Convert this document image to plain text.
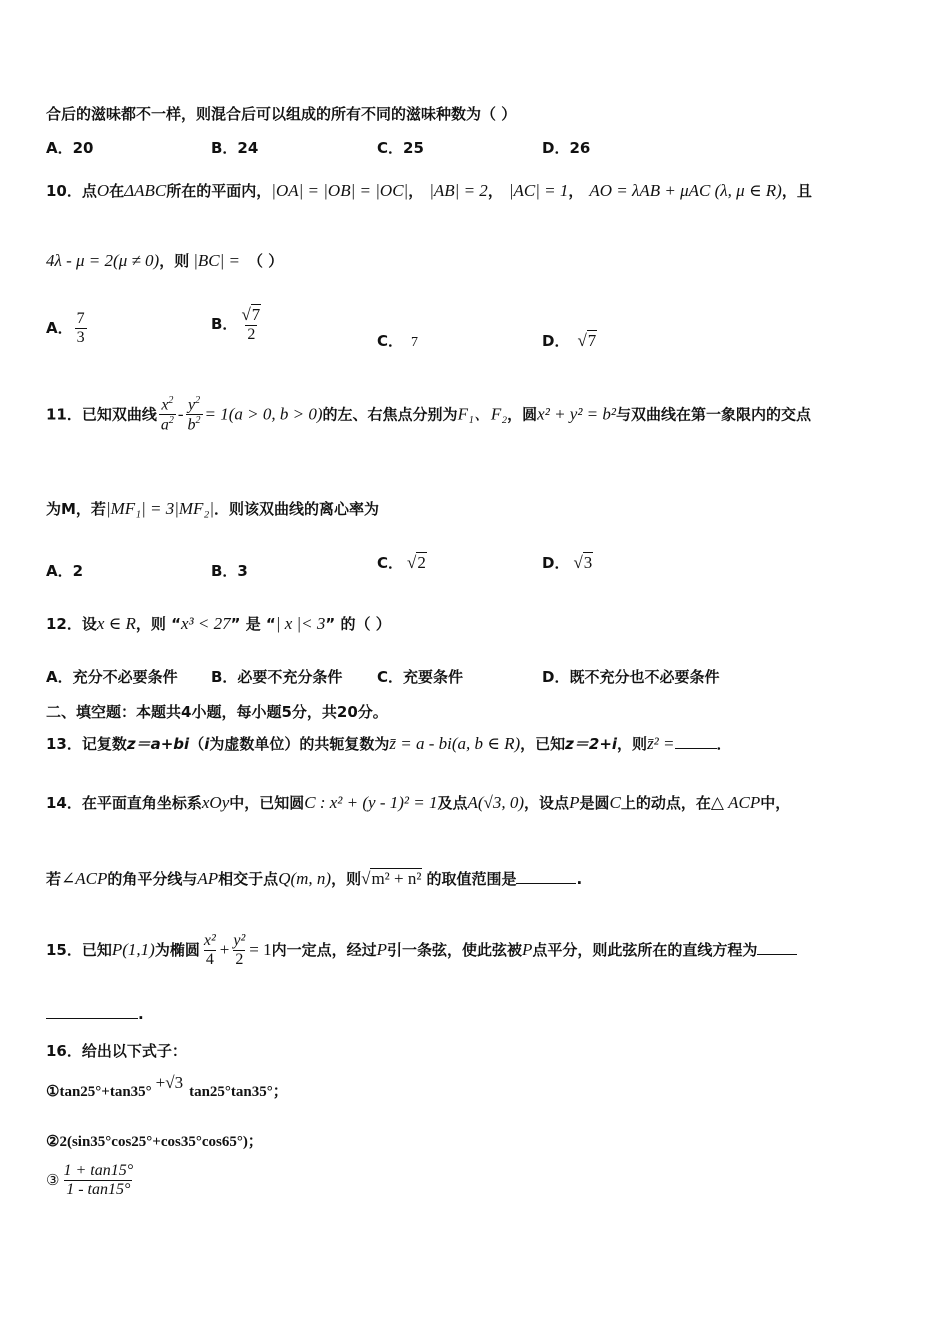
合后的滋味都不一样，则混合后可以组成的所有不同的滋味种数为（ ）
A．20	B．24	C．25	D．26
10．点O在ΔABC所在的平面内，|OA| = |OB| = |OC|， |AB| = 2， |AC| = 1， AO = λAB + μAC (λ, μ ∈ R)，且
4λ - μ = 2(μ ≠ 0)，则 |BC| = （ ）
A． $\frac{7}{3}$	B． $\frac{√7}{2}$	C． 7	D． √7
11．已知双曲线 $\frac{x^2}{a^2} - \frac{y^2}{b^2} = 1(a > 0$, b > 0)的左、右焦点分别为F₁、F₂，圆x² + y² = b²与双曲线在第一象限内的交点
为M，若|MF₁| = 3|MF₂|．则该双曲线的离心率为
A．2	B．3	C． √2	D． √3
12．设x ∈ R，则 “x³ < 27” 是 “| x |< 3” 的（ ）
A．充分不必要条件 B．必要不充分条件 C．充要条件	D．既不充分也不必要条件
二、填空题：本题共4小题，每小题5分，共20分。
13．记复数z＝a+bi（i为虚数单位）的共轭复数为z̄ = a - bi(a, b ∈ R)，已知z＝2+i，则z̄² =	．
14．在平面直角坐标系xOy中，已知圆C : x² + (y - 1)² = 1及点A(√3, 0)，设点P是圆C上的动点，在△ ACP中，
若∠ACP的角平分线与AP相交于点Q(m, n)，则√m² + n² 的取值范围是	.
15．已知P(1,1)为椭圆 $\frac{\text{x²}}{4} + \frac{\text{y²}}{2} = 1$内一定点，经过P引一条弦，使此弦被P点平分，则此弦所在的直线方程为
.
16．给出以下式子：
①tan25°+tan35° +√3 tan25°tan35°；
②2(sin35°cos25°+cos35°cos65°)；
③ $\frac{1 + \tan 15^\circ}{1 - \tan 15^\circ}$
